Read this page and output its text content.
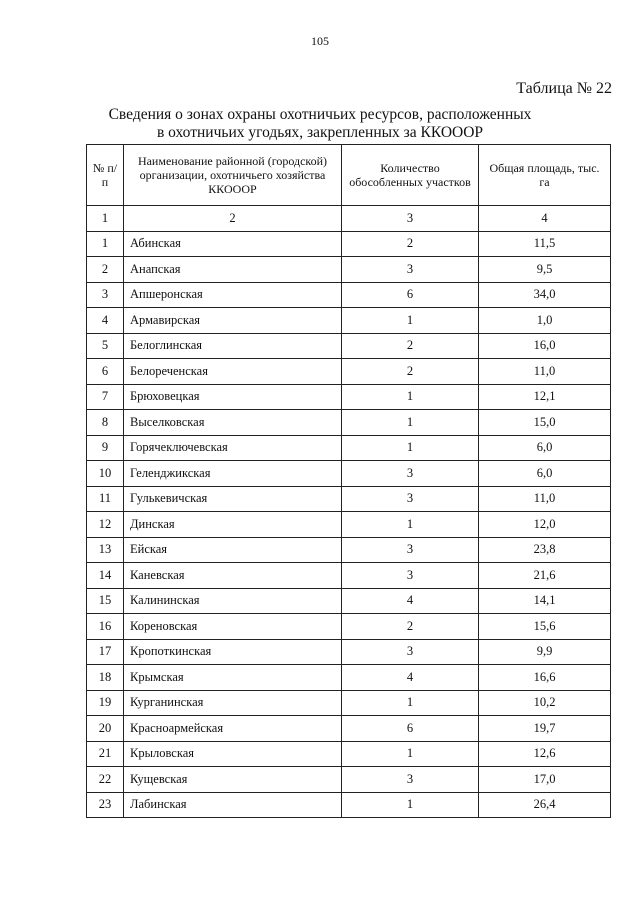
105
Таблица № 22
Сведения о зонах охраны охотничьих ресурсов, расположенных
в охотничьих угодьях, закрепленных за ККОООР
№ п/п	Наименование районной (городской) организации, охотничьего хозяйства ККОООР	Количество обособленных участков	Общая площадь, тыс. га
1	2	3	4
1	Абинская	2	11,5
2	Анапская	3	9,5
3	Апшеронская	6	34,0
4	Армавирская	1	1,0
5	Белоглинская	2	16,0
6	Белореченская	2	11,0
7	Брюховецкая	1	12,1
8	Выселковская	1	15,0
9	Горячеключевская	1	6,0
10	Геленджикская	3	6,0
11	Гулькевичская	3	11,0
12	Динская	1	12,0
13	Ейская	3	23,8
14	Каневская	3	21,6
15	Калининская	4	14,1
16	Кореновская	2	15,6
17	Кропоткинская	3	9,9
18	Крымская	4	16,6
19	Курганинская	1	10,2
20	Красноармейская	6	19,7
21	Крыловская	1	12,6
22	Кущевская	3	17,0
23	Лабинская	1	26,4
